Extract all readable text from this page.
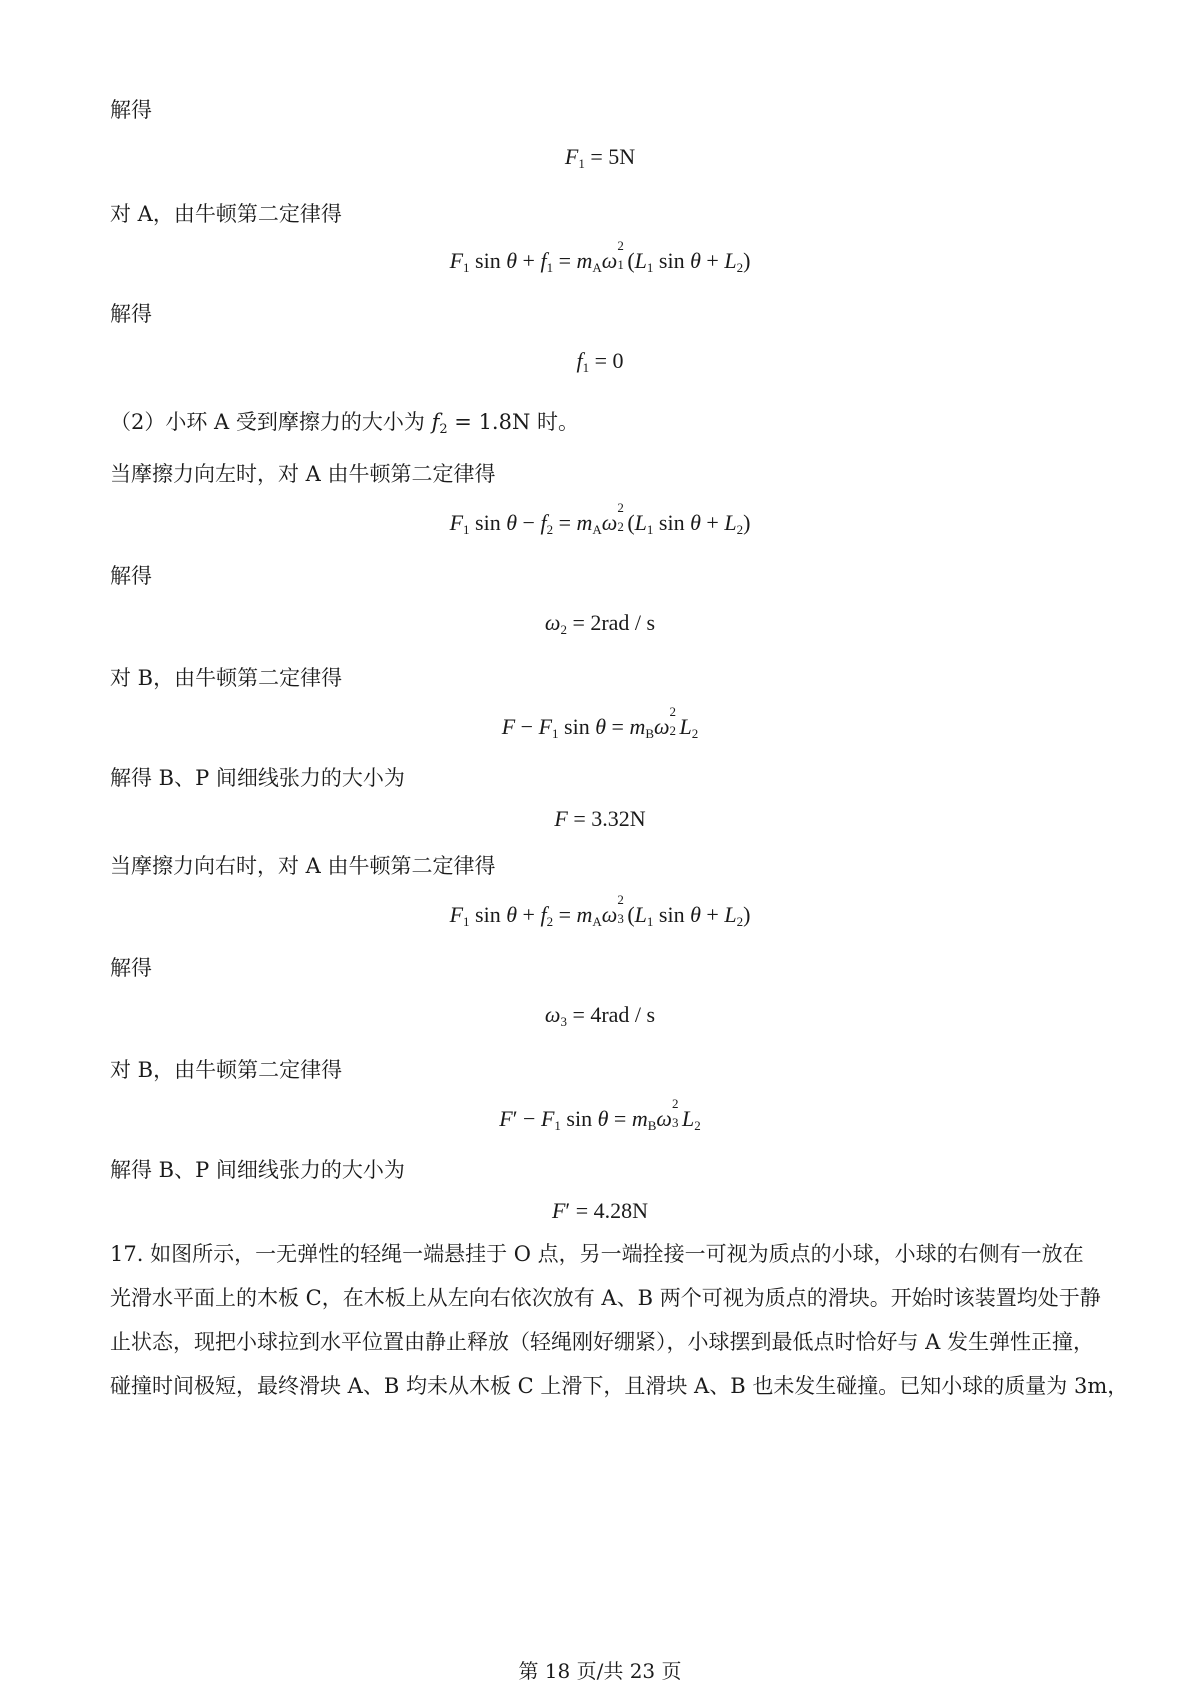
解得
$F_1 = 5N$
对 A，由牛顿第二定律得
$F_1$ $\sin \theta + f_1 = m_A\omega$
2
1 ($L_1$ $\sin \theta + L_2$)
解得
$f_1 = 0$
（2）小环 A 受到摩擦力的大小为 $f_2 = 1.8N$ 时。
当摩擦力向左时，对 A 由牛顿第二定律得
$F_1$ $\sin \theta - f_2 = m_A\omega$
2
2 ($L_1$ $\sin \theta + L_2$)
解得
$\omega_2 = 2rad / s$
对 B，由牛顿第二定律得
$F - F_1$ $\sin \theta = m_B\omega$
2
2 $L_2$
解得 B、P 间细线张力的大小为
F = 3.32N
当摩擦力向右时，对 A 由牛顿第二定律得
$F_1$ $\sin \theta + f_2 = m_A\omega$
2
3 ($L_1$ $\sin \theta + L_2$)
解得
$\omega_3 = 4rad / s$
对 B，由牛顿第二定律得
$F' - F_1$ $\sin \theta = m_B\omega$
2
3 $L_2$
解得 B、P 间细线张力的大小为
F′ = 4.28N

17. 如图所示，一无弹性的轻绳一端悬挂于 O 点，另一端拴接一可视为质点的小球，小球的右侧有一放在

光滑水平面上的木板 C，在木板上从左向右依次放有 A、B 两个可视为质点的滑块。开始时该装置均处于静

止状态，现把小球拉到水平位置由静止释放（轻绳刚好绷紧），小球摆到最低点时恰好与 A 发生弹性正撞，

碰撞时间极短，最终滑块 A、B 均未从木板 C 上滑下，且滑块 A、B 也未发生碰撞。已知小球的质量为 3m，

第 18 页/共 23 页
